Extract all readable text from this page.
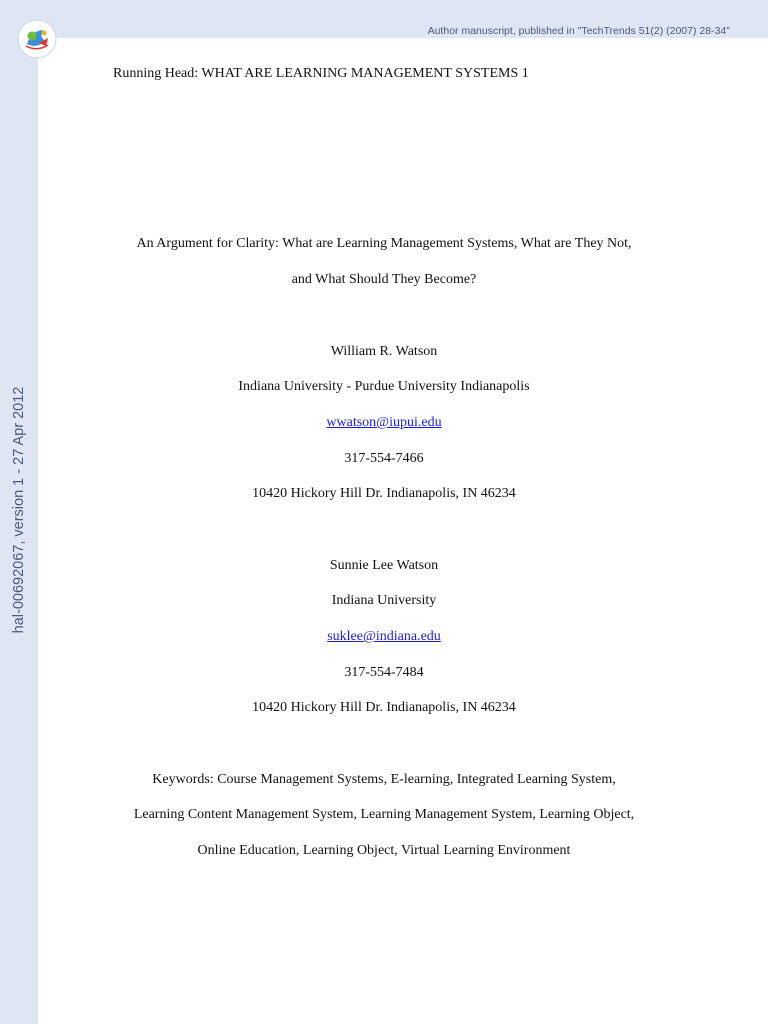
Author manuscript, published in "TechTrends 51(2) (2007) 28-34"
hal-00692067, version 1 - 27 Apr 2012
Running Head: WHAT ARE LEARNING MANAGEMENT SYSTEMS 1
An Argument for Clarity: What are Learning Management Systems, What are They Not,
and What Should They Become?
William R. Watson
Indiana University - Purdue University Indianapolis
wwatson@iupui.edu
317-554-7466
10420 Hickory Hill Dr. Indianapolis, IN 46234
Sunnie Lee Watson
Indiana University
suklee@indiana.edu
317-554-7484
10420 Hickory Hill Dr. Indianapolis, IN 46234
Keywords: Course Management Systems, E-learning, Integrated Learning System,
Learning Content Management System, Learning Management System, Learning Object,
Online Education, Learning Object, Virtual Learning Environment
